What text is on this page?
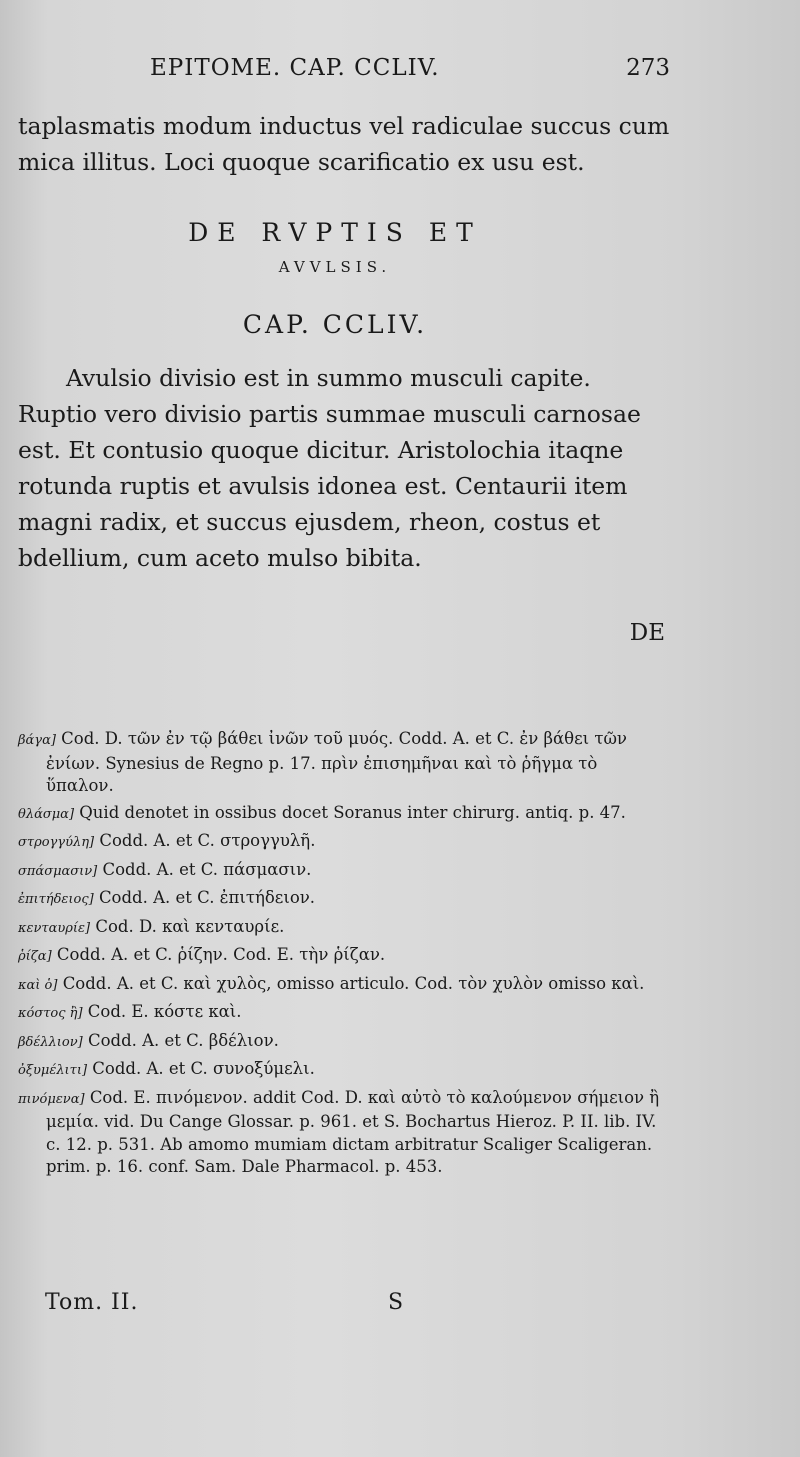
EPITOME. CAP. CCLIV.	273
taplasmatis modum inductus vel radiculae succus cum
mica illitus. Loci quoque scarificatio ex usu est.
DE RVPTIS ET
AVVLSIS.
CAP. CCLIV.
Avulsio divisio est in summo musculi capite.
Ruptio vero divisio partis summae musculi carnosae
est. Et contusio quoque dicitur. Aristolochia itaqne
rotunda ruptis et avulsis idonea est. Centaurii item
magni radix, et succus ejusdem, rheon, costus et
bdellium, cum aceto mulso bibita.
DE

βάγα] Cod. D. τῶν ἐν τῷ βάθει ἰνῶν τοῦ μυός. Codd. A. et C. ἐν βάθει τῶν ἐνίων. Synesius de Regno p. 17. πρὶν ἐπισημῆναι καὶ τὸ ῥῆγμα τὸ ὕπαλον.

θλάσμα] Quid denotet in ossibus docet Soranus inter chirurg. antiq. p. 47.

στρογγύλη] Codd. A. et C. στρογγυλῆ.

σπάσμασιν] Codd. A. et C. πάσμασιν.

ἐπιτήδειος] Codd. A. et C. ἐπιτήδειον.

κενταυρίε] Cod. D. καὶ κενταυρίε.

ῥίζα] Codd. A. et C. ῥίζην. Cod. E. τὴν ῥίζαν.

καὶ ὁ] Codd. A. et C. καὶ χυλὸς, omisso articulo. Cod. τὸν χυλὸν omisso καὶ.

κόστος ἢ] Cod. E. κόστε καὶ.

βδέλλιον] Codd. A. et C. βδέλιον.

ὀξυμέλιτι] Codd. A. et C. συνοξύμελι.

πινόμενα] Cod. E. πινόμενον. addit Cod. D. καὶ αὐτὸ τὸ καλούμενον σήμειον ἢ μεμία. vid. Du Cange Glossar. p. 961. et S. Bochartus Hieroz. P. II. lib. IV. c. 12. p. 531. Ab amomo mumiam dictam arbitratur Scaliger Scaligeran. prim. p. 16. conf. Sam. Dale Pharmacol. p. 453.

Tom. II.	S
